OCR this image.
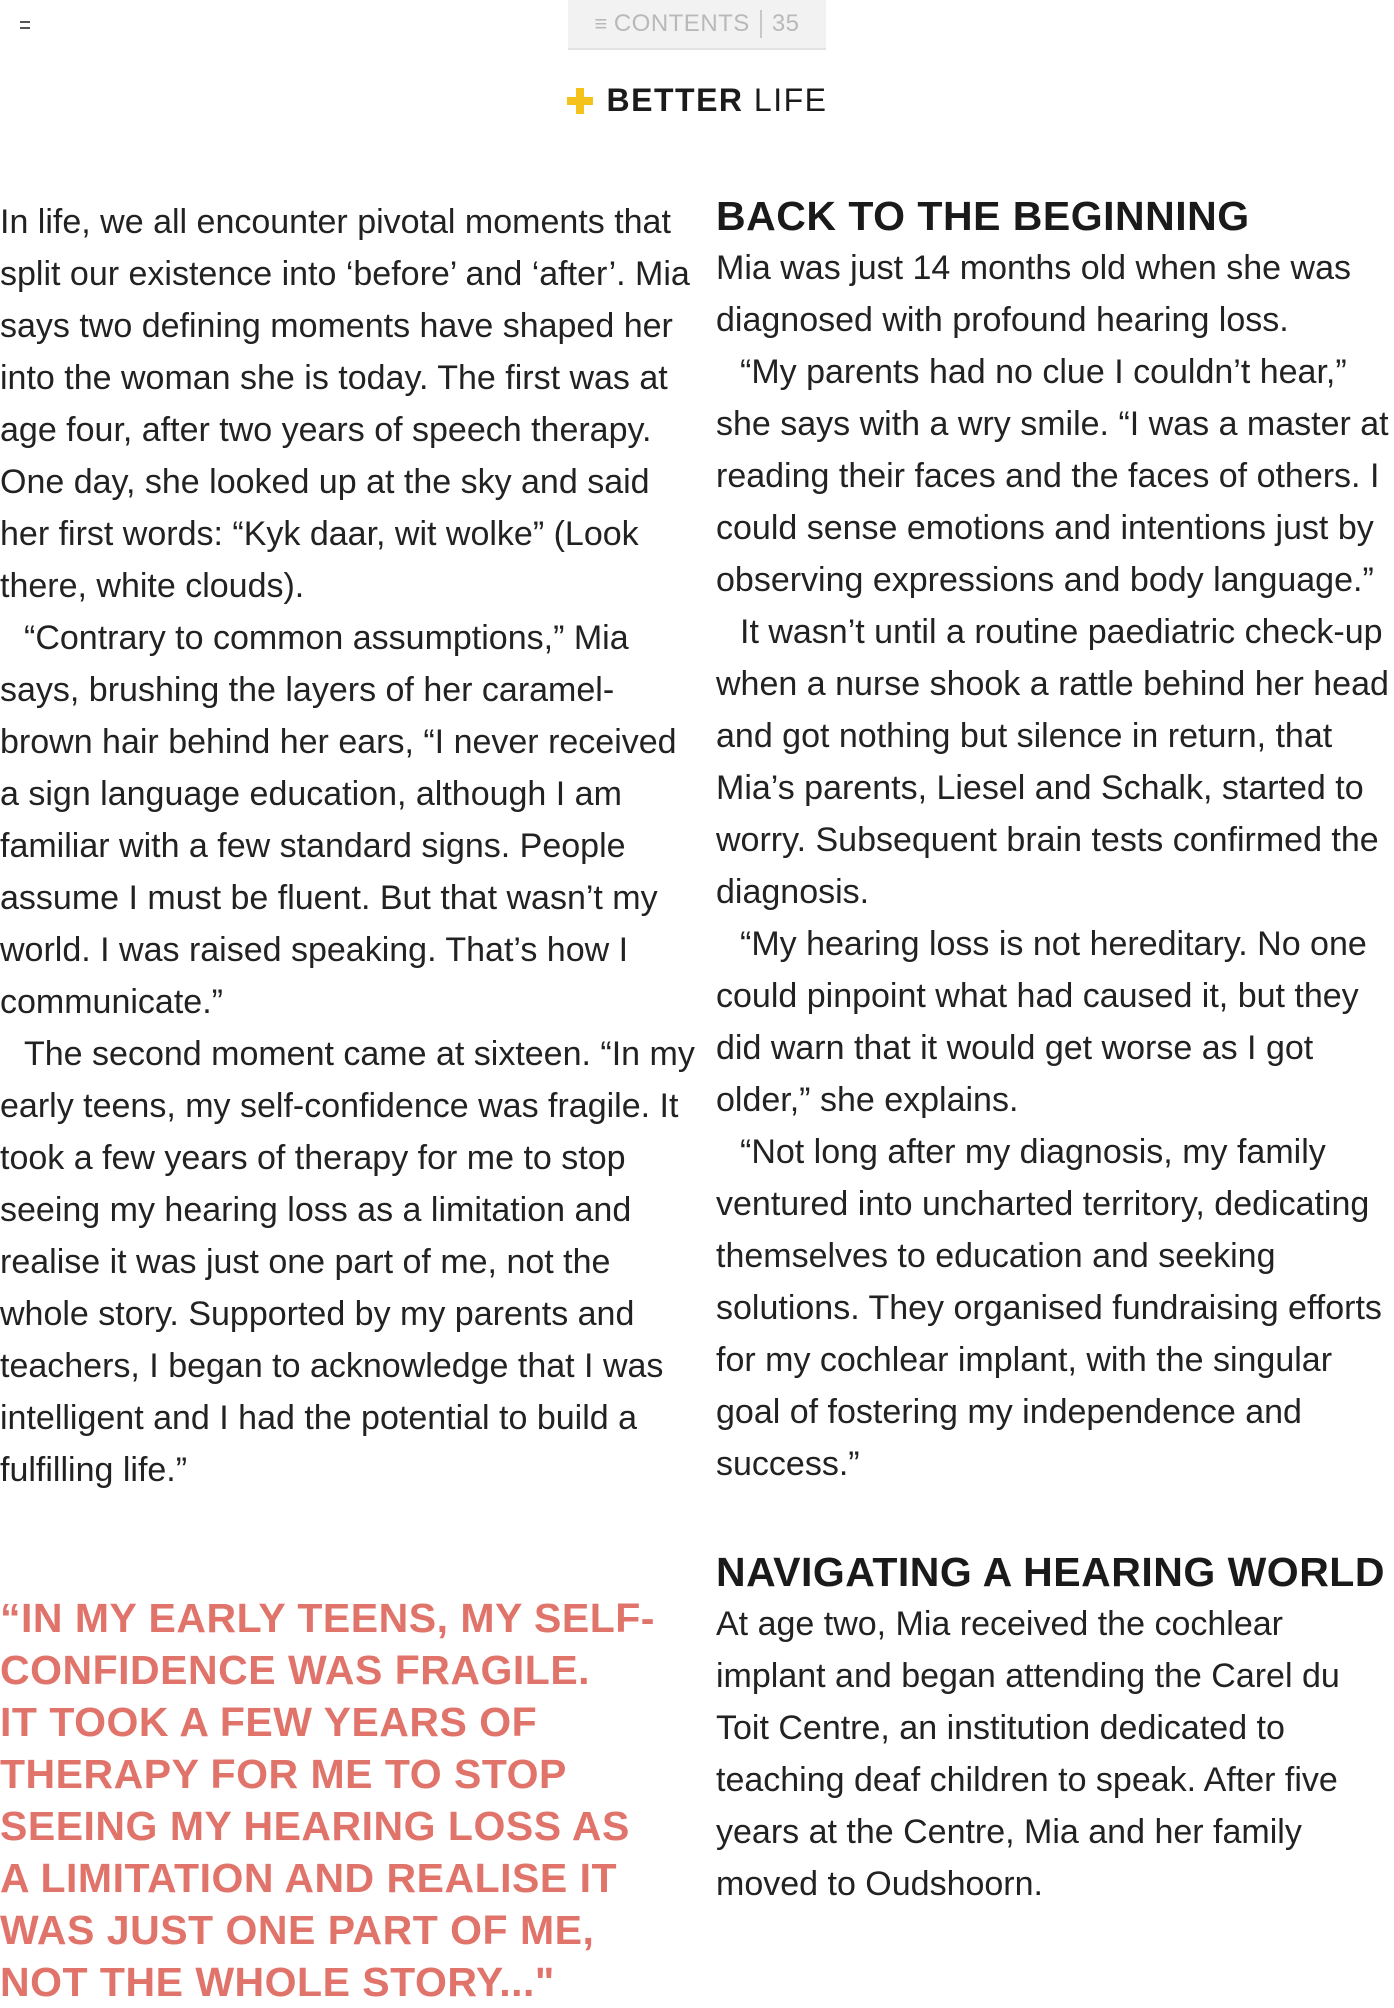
≡ CONTENTS 35
BETTER LIFE

In life, we all encounter pivotal moments that split our existence into ‘before’ and ‘after’. Mia says two defining moments have shaped her into the woman she is today. The first was at age four, after two years of speech therapy. One day, she looked up at the sky and said her first words: “Kyk daar, wit wolke” (Look there, white clouds).

“Contrary to common assumptions,” Mia says, brushing the layers of her caramel-brown hair behind her ears, “I never received a sign language education, although I am familiar with a few standard signs. People assume I must be fluent. But that wasn’t my world. I was raised speaking. That’s how I communicate.”

The second moment came at sixteen. “In my early teens, my self-confidence was fragile. It took a few years of therapy for me to stop seeing my hearing loss as a limitation and realise it was just one part of me, not the whole story. Supported by my parents and teachers, I began to acknowledge that I was intelligent and I had the potential to build a fulfilling life.”

“IN MY EARLY TEENS, MY SELF-
CONFIDENCE WAS FRAGILE.
IT TOOK A FEW YEARS OF
THERAPY FOR ME TO STOP
SEEING MY HEARING LOSS AS
A LIMITATION AND REALISE IT
WAS JUST ONE PART OF ME,
NOT THE WHOLE STORY..."
BACK TO THE BEGINNING

Mia was just 14 months old when she was diagnosed with profound hearing loss.

“My parents had no clue I couldn’t hear,” she says with a wry smile. “I was a master at reading their faces and the faces of others. I could sense emotions and intentions just by observing expressions and body language.”

It wasn’t until a routine paediatric check-up when a nurse shook a rattle behind her head and got nothing but silence in return, that Mia’s parents, Liesel and Schalk, started to worry. Subsequent brain tests confirmed the diagnosis.

“My hearing loss is not hereditary. No one could pinpoint what had caused it, but they did warn that it would get worse as I got older,” she explains.

“Not long after my diagnosis, my family ventured into uncharted territory, dedicating themselves to education and seeking solutions. They organised fundraising efforts for my cochlear implant, with the singular goal of fostering my independence and success.”

NAVIGATING A HEARING WORLD

At age two, Mia received the cochlear implant and began attending the Carel du Toit Centre, an institution dedicated to teaching deaf children to speak. After five years at the Centre, Mia and her family moved to Oudshoorn.
